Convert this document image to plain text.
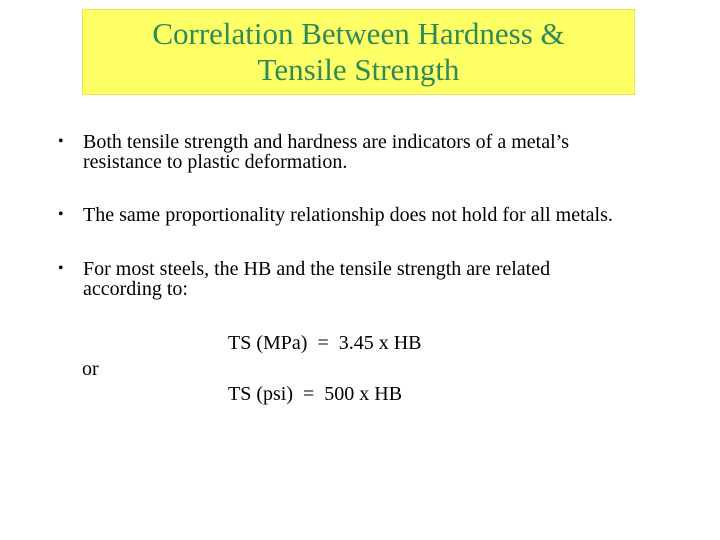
Correlation Between Hardness &
Tensile Strength
• Both tensile strength and hardness are indicators of a metal’s
resistance to plastic deformation.
• The same proportionality relationship does not hold for all metals.
• For most steels, the HB and the tensile strength are related
according to:
TS (MPa)  =  3.45 x HB
or
TS (psi)  =  500 x HB
